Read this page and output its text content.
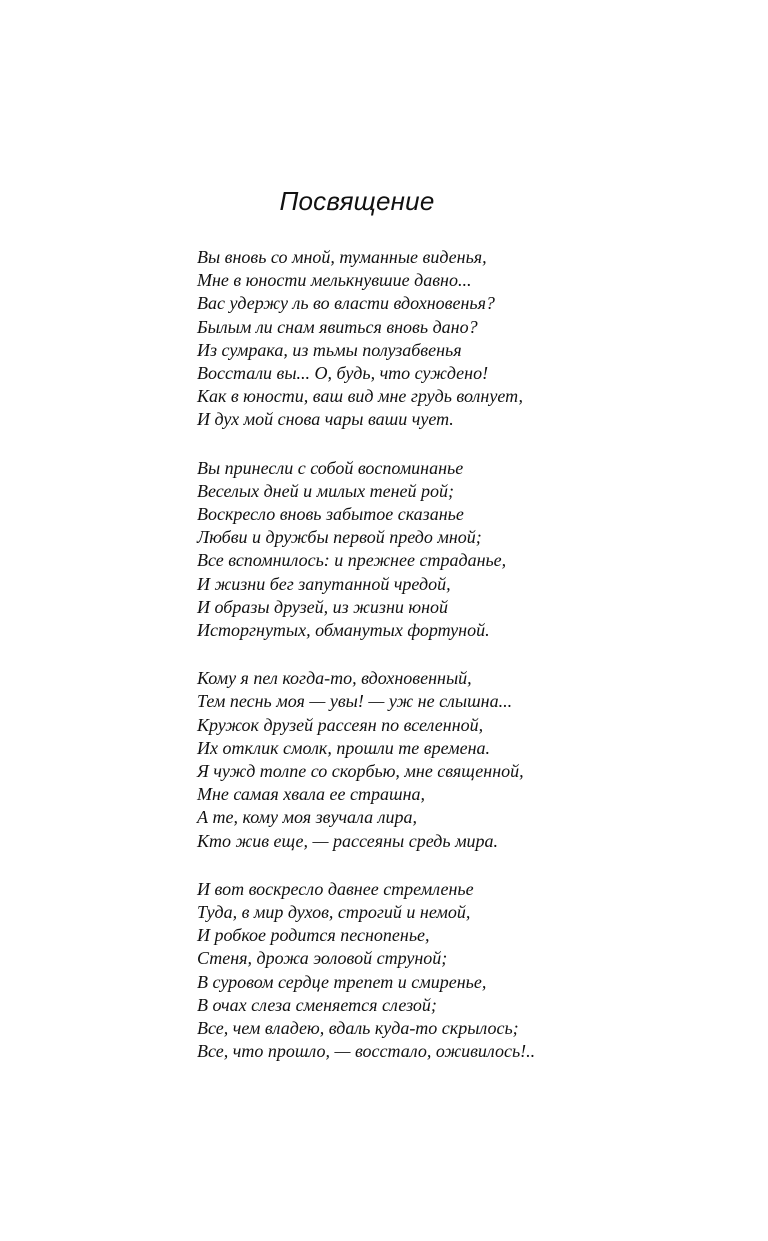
Посвящение
Вы вновь со мной, туманные виденья,
Мне в юности мелькнувшие давно...
Вас удержу ль во власти вдохновенья?
Былым ли снам явиться вновь дано?
Из сумрака, из тьмы полузабвенья
Восстали вы... О, будь, что суждено!
Как в юности, ваш вид мне грудь волнует,
И дух мой снова чары ваши чует.
Вы принесли с собой воспоминанье
Веселых дней и милых теней рой;
Воскресло вновь забытое сказанье
Любви и дружбы первой предо мной;
Все вспомнилось: и прежнее страданье,
И жизни бег запутанной чредой,
И образы друзей, из жизни юной
Исторгнутых, обманутых фортуной.
Кому я пел когда-то, вдохновенный,
Тем песнь моя — увы! — уж не слышна...
Кружок друзей рассеян по вселенной,
Их отклик смолк, прошли те времена.
Я чужд толпе со скорбью, мне священной,
Мне самая хвала ее страшна,
А те, кому моя звучала лира,
Кто жив еще, — рассеяны средь мира.
И вот воскресло давнее стремленье
Туда, в мир духов, строгий и немой,
И робкое родится песнопенье,
Стеня, дрожа эоловой струной;
В суровом сердце трепет и смиренье,
В очах слеза сменяется слезой;
Все, чем владею, вдаль куда-то скрылось;
Все, что прошло, — восстало, оживилось!..
